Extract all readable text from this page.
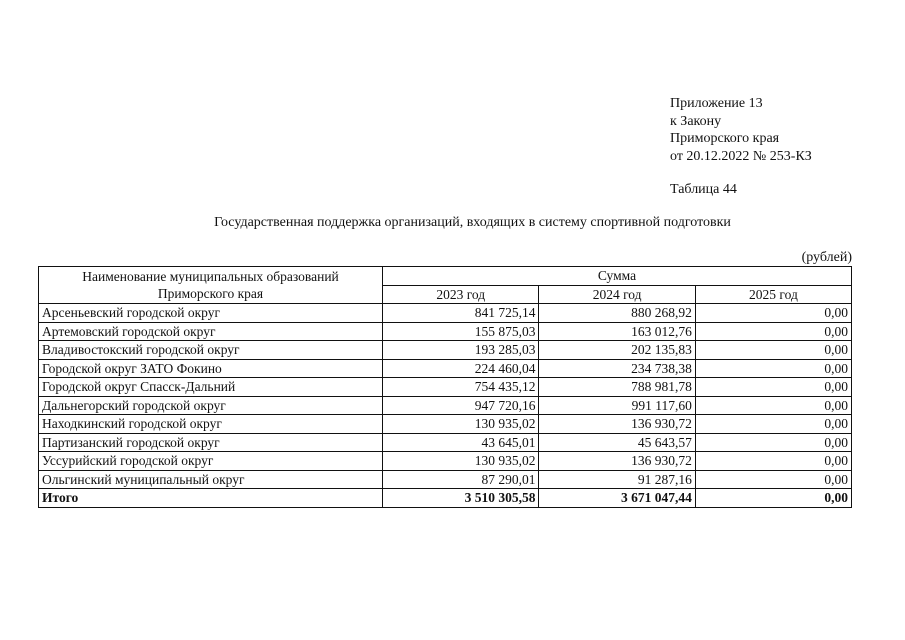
Приложение 13
к Закону
Приморского края
от 20.12.2022 № 253-КЗ
Таблица 44
Государственная поддержка организаций, входящих в систему спортивной подготовки
(рублей)
Наименование муниципальных образований
Приморского края	Сумма		
	2023 год	2024 год	2025 год
Арсеньевский городской округ	841 725,14	880 268,92	0,00
Артемовский городской округ	155 875,03	163 012,76	0,00
Владивостокский городской округ	193 285,03	202 135,83	0,00
Городской округ ЗАТО Фокино	224 460,04	234 738,38	0,00
Городской округ Спасск-Дальний	754 435,12	788 981,78	0,00
Дальнегорский городской округ	947 720,16	991 117,60	0,00
Находкинский городской округ	130 935,02	136 930,72	0,00
Партизанский городской округ	43 645,01	45 643,57	0,00
Уссурийский городской округ	130 935,02	136 930,72	0,00
Ольгинский муниципальный округ	87 290,01	91 287,16	0,00
Итого	3 510 305,58	3 671 047,44	0,00
